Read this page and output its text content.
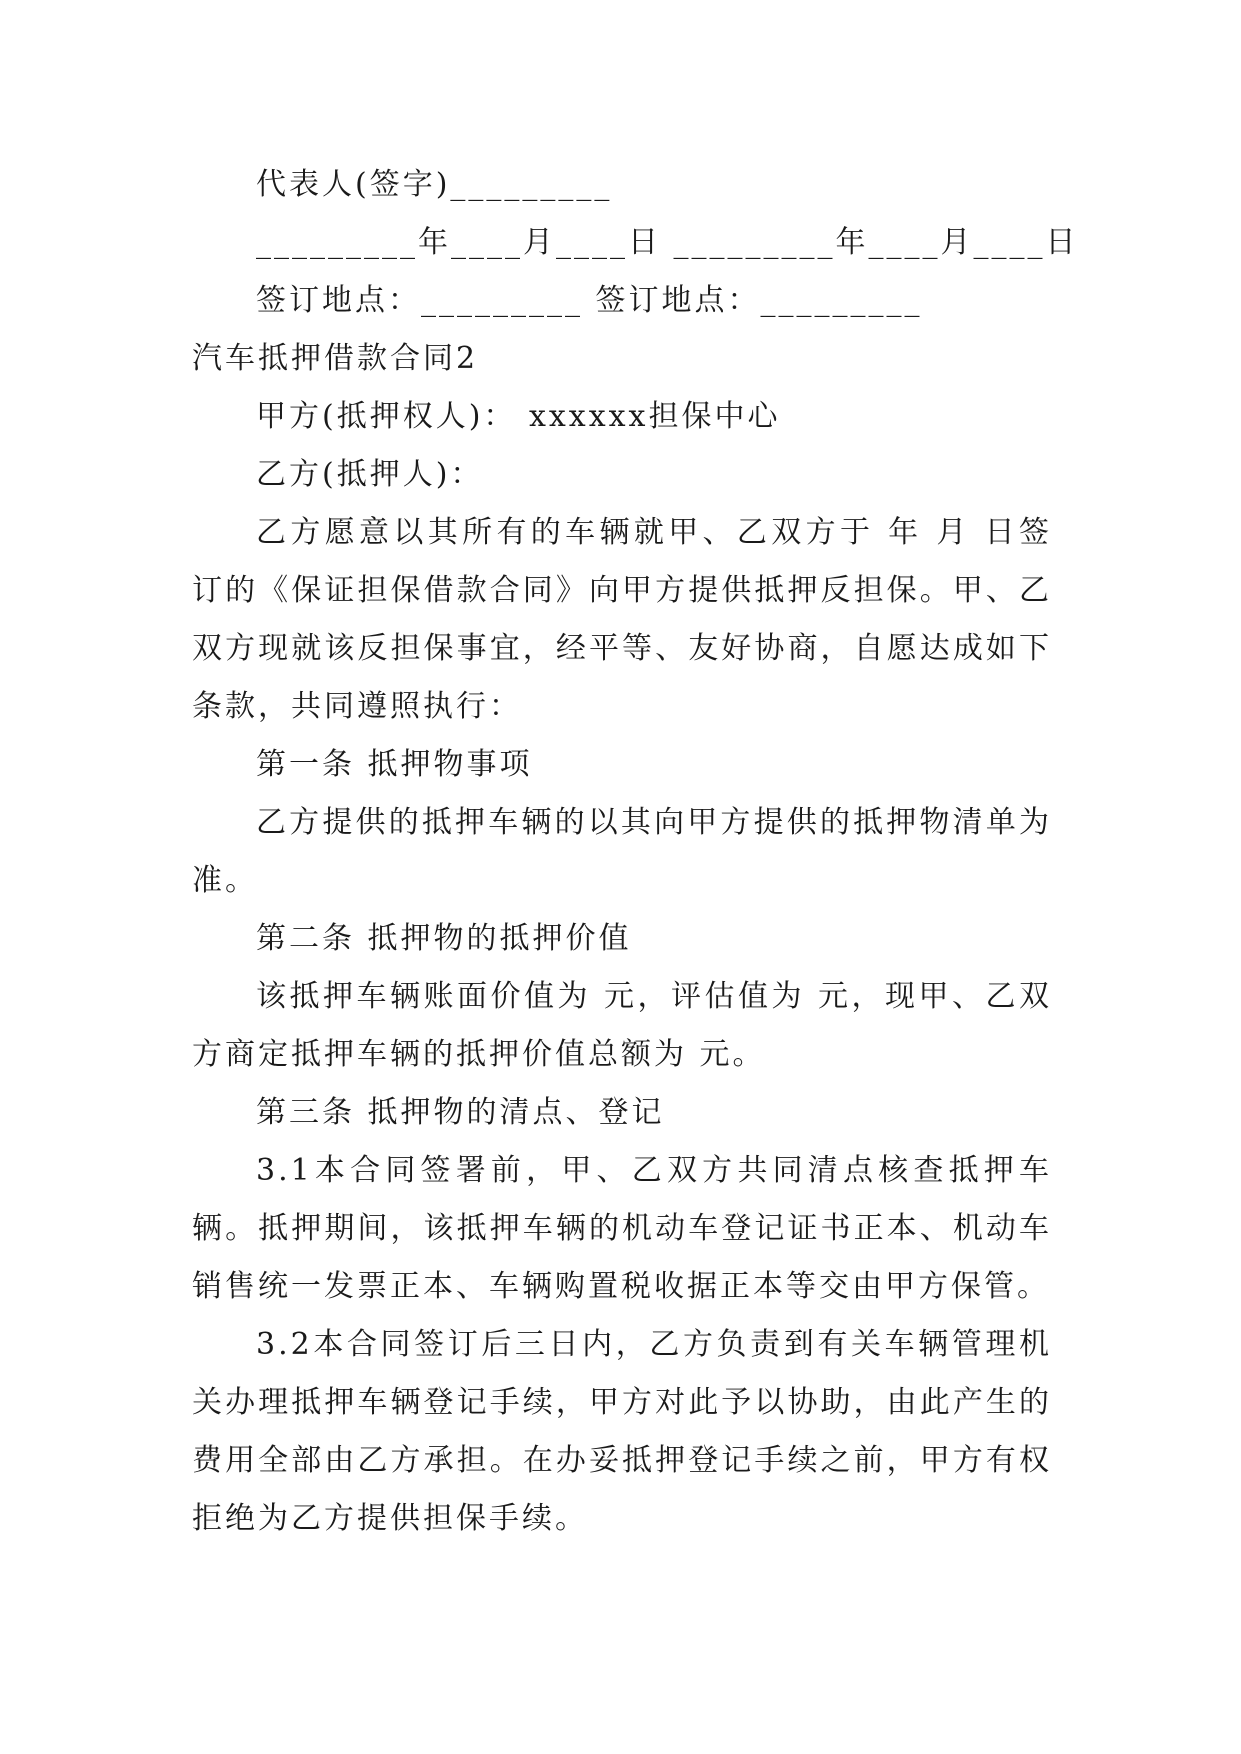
代表人(签字)_________
_________年____月____日 _________年____月____日
签订地点：_________ 签订地点：_________
汽车抵押借款合同2
甲方(抵押权人)： xxxxxx担保中心
乙方(抵押人)：

乙方愿意以其所有的车辆就甲、乙双方于 年 月 日签订的《保证担保借款合同》向甲方提供抵押反担保。甲、乙双方现就该反担保事宜，经平等、友好协商，自愿达成如下条款，共同遵照执行：

第一条 抵押物事项

乙方提供的抵押车辆的以其向甲方提供的抵押物清单为准。

第二条 抵押物的抵押价值

该抵押车辆账面价值为 元，评估值为 元，现甲、乙双方商定抵押车辆的抵押价值总额为 元。

第三条 抵押物的清点、登记

3.1本合同签署前，甲、乙双方共同清点核查抵押车辆。抵押期间，该抵押车辆的机动车登记证书正本、机动车销售统一发票正本、车辆购置税收据正本等交由甲方保管。

3.2本合同签订后三日内，乙方负责到有关车辆管理机关办理抵押车辆登记手续，甲方对此予以协助，由此产生的费用全部由乙方承担。在办妥抵押登记手续之前，甲方有权拒绝为乙方提供担保手续。
